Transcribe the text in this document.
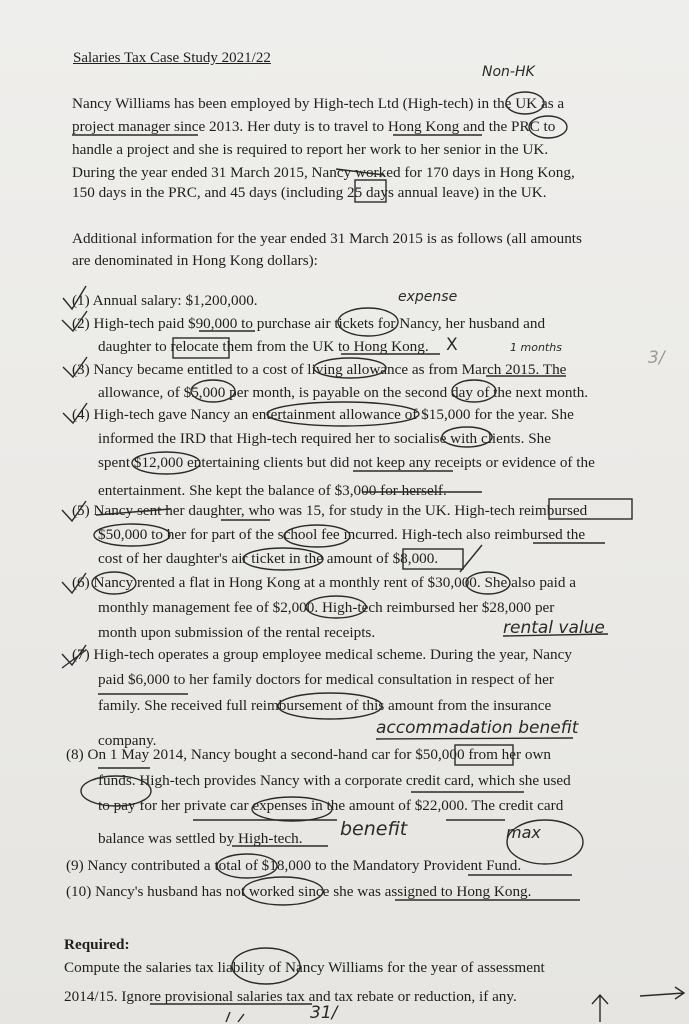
Salaries Tax Case Study 2021/22
Nancy Williams has been employed by High-tech Ltd (High-tech) in the UK as a
project manager since 2013. Her duty is to travel to Hong Kong and the PRC to
handle a project and she is required to report her work to her senior in the UK.
During the year ended 31 March 2015, Nancy worked for 170 days in Hong Kong,
150 days in the PRC, and 45 days (including 25 days annual leave) in the UK.
Additional information for the year ended 31 March 2015 is as follows (all amounts
are denominated in Hong Kong dollars):
(1) Annual salary: $1,200,000.
(2) High-tech paid $90,000 to purchase air tickets for Nancy, her husband and
daughter to relocate them from the UK to Hong Kong.
(3) Nancy became entitled to a cost of living allowance as from March 2015. The
allowance, of $5,000 per month, is payable on the second day of the next month.
(4) High-tech gave Nancy an entertainment allowance of $15,000 for the year. She
informed the IRD that High-tech required her to socialise with clients. She
spent $12,000 entertaining clients but did not keep any receipts or evidence of the
entertainment. She kept the balance of $3,000 for herself.
(5) Nancy sent her daughter, who was 15, for study in the UK. High-tech reimbursed
$50,000 to her for part of the school fee incurred. High-tech also reimbursed the
cost of her daughter's air ticket in the amount of $8,000.
(6) Nancy rented a flat in Hong Kong at a monthly rent of $30,000. She also paid a
monthly management fee of $2,000. High-tech reimbursed her $28,000 per
month upon submission of the rental receipts.
(7) High-tech operates a group employee medical scheme. During the year, Nancy
paid $6,000 to her family doctors for medical consultation in respect of her
family. She received full reimbursement of this amount from the insurance
company.
(8) On 1 May 2014, Nancy bought a second-hand car for $50,000 from her own
funds. High-tech provides Nancy with a corporate credit card, which she used
to pay for her private car expenses in the amount of $22,000. The credit card
balance was settled by High-tech.
(9) Nancy contributed a total of $18,000 to the Mandatory Provident Fund.
(10) Nancy's husband has not worked since she was assigned to Hong Kong.
Required:
Compute the salaries tax liability of Nancy Williams for the year of assessment
2014/15. Ignore provisional salaries tax and tax rebate or reduction, if any.
Non-HK
expense
1 months
X
3/
rental value
accommadation benefit
benefit	max
31/
